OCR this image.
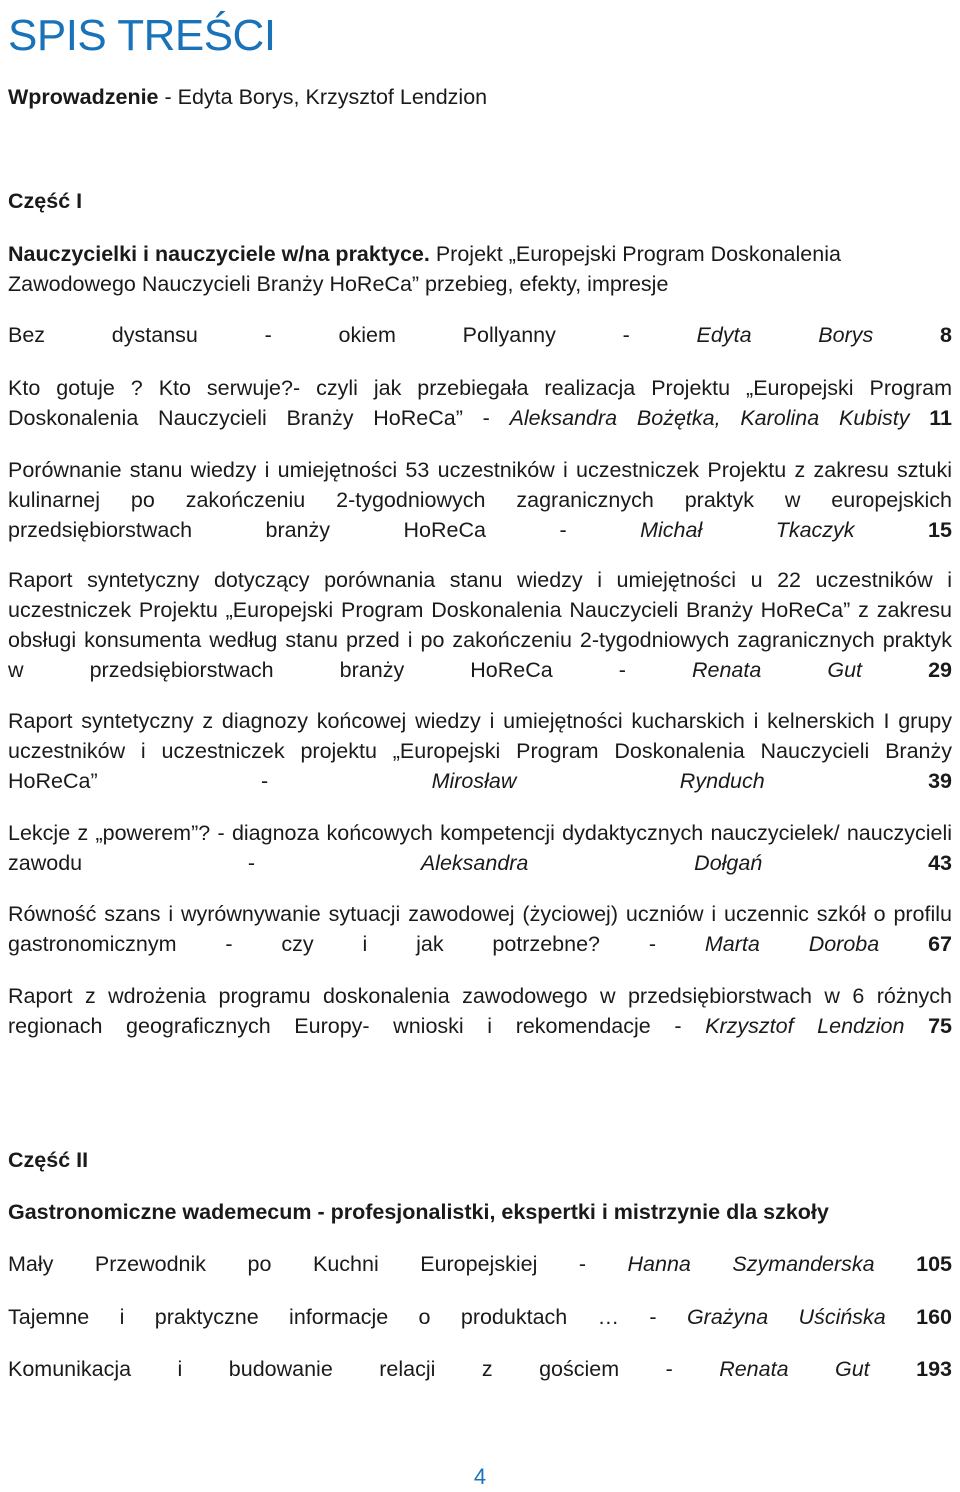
SPIS TREŚCI
Wprowadzenie - Edyta Borys, Krzysztof Lendzion
Część I
Nauczycielki i nauczyciele w/na praktyce. Projekt „Europejski Program Doskonalenia Zawodowego Nauczycieli Branży HoReCa” przebieg, efekty, impresje
Bez dystansu - okiem Pollyanny - Edyta Borys	8
Kto gotuje ? Kto serwuje?- czyli jak przebiegała realizacja Projektu „Europejski Program Doskonalenia Nauczycieli Branży HoReCa” - Aleksandra Bożętka, Karolina Kubisty 11
Porównanie stanu wiedzy i umiejętności 53 uczestników i uczestniczek Projektu z zakresu sztuki kulinarnej po zakończeniu 2-tygodniowych zagranicznych praktyk w europejskich przedsiębiorstwach branży HoReCa - Michał Tkaczyk	15
Raport syntetyczny dotyczący porównania stanu wiedzy i umiejętności u 22 uczestników i uczestniczek Projektu „Europejski Program Doskonalenia Nauczycieli Branży HoReCa” z zakresu obsługi konsumenta według stanu przed i po zakończeniu 2-tygodniowych zagranicznych praktyk w przedsiębiorstwach branży HoReCa - Renata Gut	29
Raport syntetyczny z diagnozy końcowej wiedzy i umiejętności kucharskich i kelnerskich I grupy uczestników i uczestniczek projektu „Europejski Program Doskonalenia Nauczycieli Branży HoReCa” - Mirosław Rynduch	39
Lekcje z „powerem”? - diagnoza końcowych kompetencji dydaktycznych nauczycielek/ nauczycieli zawodu - Aleksandra Dołgań	43
Równość szans i wyrównywanie sytuacji zawodowej (życiowej) uczniów i uczennic szkół o profilu gastronomicznym - czy i jak potrzebne? - Marta Doroba 67
Raport z wdrożenia programu doskonalenia zawodowego w przedsiębiorstwach w 6 różnych regionach geograficznych Europy- wnioski i rekomendacje - Krzysztof Lendzion 75
Część II
Gastronomiczne wademecum - profesjonalistki, ekspertki i mistrzynie dla szkoły
Mały Przewodnik po Kuchni Europejskiej - Hanna Szymanderska 105
Tajemne i praktyczne informacje o produktach … - Grażyna Uścińska 160
Komunikacja i budowanie relacji z gościem - Renata Gut 193
4
